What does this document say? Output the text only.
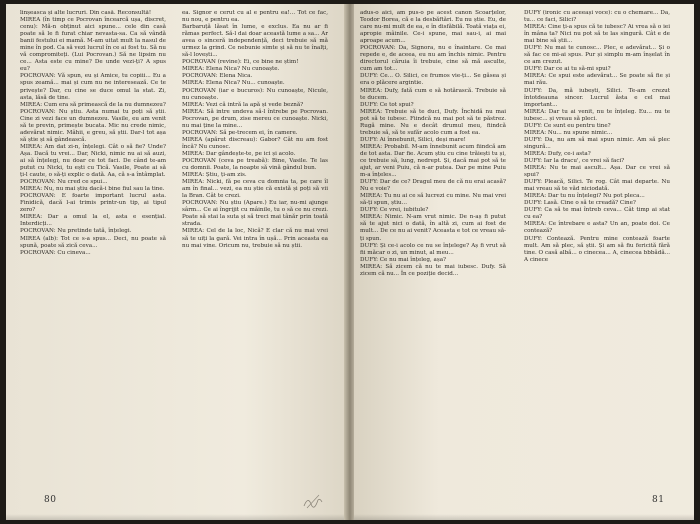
linșeasca și alte lucruri. Din casă. Reconsultă!

MIREA (în timp ce Pocrovan încearcă ușa, discret, cenu): Mă-n obținut aici spune... cele din casă poate să le fi furat chiar nevasta-sa. Ca să vândă banii festului ei mamă. M-am uitat mult la nasul de mine în pod. Ca să vezi lucrul în ce ai fost tu. Să nu vă compromiteți. (Lui Pocrovan.) Să ne lipsim nu ce... Asta este cu mine? De unde vezi-ți? A spus eu?

POCROVAN: Vă spun, eu și Amice, tu copiii... Eu a spus zeamă... mai și cum nu ne interesează. Ce te privește? Dar, cu cine se duce omul la stat. Zi, asta, lăsă de tine.

MIREA: Cum era să primească de la nu dumnezeu?

POCROVAN: Nu știu. Asta numai tu poți să știi. Cine zi vezi face un dumnezeu. Vasile, eu am venit să te previn, primește bucata. Mic nu crede nimic, adevărat nimic. Mâhii, e greu, să știi. Dar-l tot așa să știe și să gândească.

MIREA: Am dat zi-n, înțelegi. Cât o să fie? Unde? Așa. Dacă tu vrei... Dar, Nicki, nimic nu ai să auzi, ai să înțelegi, nu doar ce tot faci. De când te-am putut cu Nicki, tu ești cu Tică. Vasile, Poate ai să ți-l caute, o să-ți explic o dată. Aa, că s-a întâmplat.

POCROVAN: Nu cred ce spui...

MIREA: Nu, nu mai știu dacă-i bine fiul sau la tine.

POCROVAN: E foarte important lucrul asta. Finidică, dacă l-ai trimis printr-un tip, ai tipul zero?

MIREA: Dar a omul la el, asta e esențial. Interdicți...

POCROVAN: Nu pretinde tată, înțelegi.

MIREA (alb): Tot ce s-a spus... Deci, nu poate să spună, poate să zică ceva...

POCROVAN: Cu cineva...

ea. Signor e cerut cu al e pentru ea!... Tot ce fac, nu nou, e pentru ea.

Barbaruță lăsat în lume, e exclus. Ea nu ar fi rămas perfect. Să-l dai doar această lume a sa... Ar avea o sinceră independență, deci trebuie să mă urmez la grind. Ce nebunie simte și să nu te înalți, să-l lovești...

POCROVAN (revine): Ei, ce bine ne știm!

MIREA: Elena Nica? Nu cunoaște.

POCROVAN: Elena Nica.

MIREA: Elena Nica? Nu... cunoaște.

POCROVAN (iar e bucuros): Nu cunoaște, Nicule, nu cunoaște.

MIREA: Vezi că intră la apă și vede beznă?

MIREA: Să intre undeva să-l întrebe pe Pocrovan. Pocrovan, pe drum, zise mereu ce cunoaște. Nicki, nu mai ține la mine...

POCROVAN: Să pe-trecem ei, în camere.

MIREA (apărut discreau): Gabor? Cât nu am fost încă? Nu cunosc.

MIREA: Dar gândește-te, pe ici și acolo.

POCROVAN (ceva pe treabă): Bine, Vasile. Te las cu domnii. Poate, la noapte să vină gândul bun.

MIREA: Știu, ți-am zis.

MIREA: Nicki, fă pe ceva cu domnia ta, pe care îl am în final... vezi, ea nu știe că există și poți să vii la Bran. Cât te crezi.

POCROVAN: Nu știu (Apare.) Eu iar, nu-mi ajunge sârm... Ce ai îngrijit cu mâinile, tu o să ce nu crezi. Poate să stai la suta și să treci mai tânăr prin toată strada.

MIREA: Cel de la loc, Nică? E clar că nu mai vrei să te uiți la gară. Vei intra în ușă... Prin aceasta ea nu mai vine. Oricum nu, trebuie să nu știi.

80

adus-o aici, am pus-o pe acest canon Scoarțelor, Teodor Borea, că e la desbăftări. Eu nu știe. Eu, de care nu-mi mult de ea, e în disfăbilă. Toată viața ei, apropie mâinile. Ce-i spune, mai sau-i, ai mai aproape acum...

POCROVAN: Da, Signora, nu e înaintare. Ce mai repede e, de aceea, eu nu am închis nimic. Pentru directorul căruia îi trebuie, cine să mă asculte, cum am tot...

DUFY: Ce... O. Silici, ce frumos vie-ți... Se găsea și era o plăcere argintie.

MIREA: Dufy, fată cum e să hotărască. Trebuie să te ducem.

DUFY: Ce tot spui?

MIREA: Trebuie să te duci, Dufy. Închidă nu mai pot să te iubesc. Fiindcă nu mai pot să te păstrez. Rugă mine. Nu e decât drumul meu, fiindcă trebuie să, să te sufăr acolo cum a fost ea.

DUFY: Ai înnebunit, Silici, deși mare!

MIREA: Probabil. M-am înnebunit acum fiindcă am de tot asta. Dar fie. Acum știu cu cine trăiești tu și, ce trebuie să, lung, nedrept. Și, dacă mai pot să te ajut, ar veni Puiu, că n-ar putea. Dar pe mine Puiu m-a înțeles...

DUFY: Dar de ce? Dragul meu de că nu erai acasă? Nu e voie?

MIREA: Tu nu ai ce să lucrezi cu mine. Nu mai vrei să-ți spun, știu...

DUFY: Ce vrei, iubitule?

MIREA: Nimic. N-am vrut nimic. De n-aș fi putut să te ajut nici o dată, în altă zi, cum ai fost de mult... De ce nu ai venit? Aceasta e tot ce vreau să-ți spun.

DUFY: Și ce-i acolo ce nu se înțelege? Aș fi vrut să fii măcar o zi, un minut, al meu...

DUFY: Ce nu mai înțeleg, așa?

MIREA: Să zicem că nu te mai iubesc. Dufy. Să zicem că nu... În ce poziție decid...

DUFY (ironic cu aceeași voce): cu o chemare... Da, tu... ce faci, Silici?

MIREA: Cine ți-a spus că te iubesc? Ai vrea să o iei în mâna ta? Nici nu pot să te las singură. Cât e de mai bine să știi...

DUFY: Nu mai te cunosc... Plec, e adevărat... Și o să fac ce mi-ai spus. Pur și simplu m-am înșelat în ce am crezut.

DUFY: Dar ce ai tu să-mi spui?

MIREA: Ce spui este adevărat... Se poate să fie și mai rău.

DUFY: Da, mă iubești, Silici. Te-am crezut întotdeauna sincer. Lucrul ăsta e cel mai important...

MIREA: Dar tu ai venit, nu te înțeleg. Eu... nu te iubesc... și vreau să pleci.

DUFY: Ce sunt eu pentru tine?

MIREA: Nu... nu spune nimic...

DUFY: Da, nu am să mai spun nimic. Am să plec singură...

MIREA: Dufy, ce-i asta?

DUFY: Iar la dracu', ce vrei să faci?

MIREA: Nu te mai ascult... Așa. Dar ce vrei să spui?

DUFY: Pleacă, Silici. Te rog. Cât mai departe. Nu mai vreau să te văd niciodată.

MIREA: Dar tu nu înțelegi? Nu pot pleca...

DUFY: Lasă. Cine o să te creadă? Cine?

DUFY: Ca să te mai întreb ceva... Cât timp ai stat cu ea?

MIREA: Ce întrebare e asta? Un an, poate doi. Ce contează?

DUFY: Contează. Pentru mine contează foarte mult. Am să plec, să știi. Și am să fiu fericită fără tine. O casă albă... o cinecea... A, cinecea bbbădă... A cinece

81
